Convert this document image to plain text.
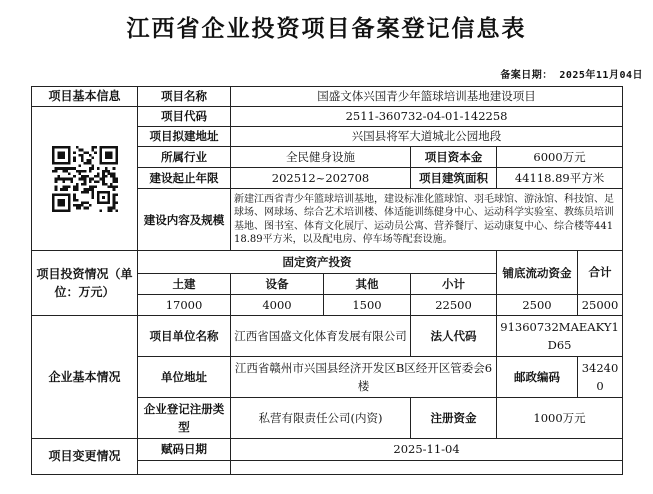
江西省企业投资项目备案登记信息表
备案日期： 2025年11月04日
项目基本信息	项目名称	国盛文体兴国青少年篮球培训基地建设项目				

	项目代码	2511-360732-04-01-142258				
	项目拟建地址	兴国县将军大道城北公园地段				
	所属行业	全民健身设施		项目资本金	6000万元	
	建设起止年限	202512~202708		项目建筑面积	44118.89平方米	
	建设内容及规模	新建江西省青少年篮球培训基地，建设标准化篮球馆、羽毛球馆、游泳馆、科技馆、足球场、网球场、综合艺术培训楼、体适能训练健身中心、运动科学实验室、教练员培训基地、图书室、体育文化展厅、运动员公寓、营养餐厅、运动康复中心、综合楼等44118.89平方米，以及配电房、停车场等配套设施。				
项目投资情况（单位：万元）	固定资产投资				铺底流动资金	合计
	土建	设备	其他	小计		
	17000	4000	1500	22500	2500	25000
企业基本情况	项目单位名称	江西省国盛文化体育发展有限公司		法人代码	91360732MAEAKY1D65	
	单位地址	江西省赣州市兴国县经济开发区B区经开区管委会6楼			邮政编码	342400
	企业登记注册类型	私营有限责任公司(内资)		注册资金	1000万元	
项目变更情况	赋码日期	2025-11-04				
